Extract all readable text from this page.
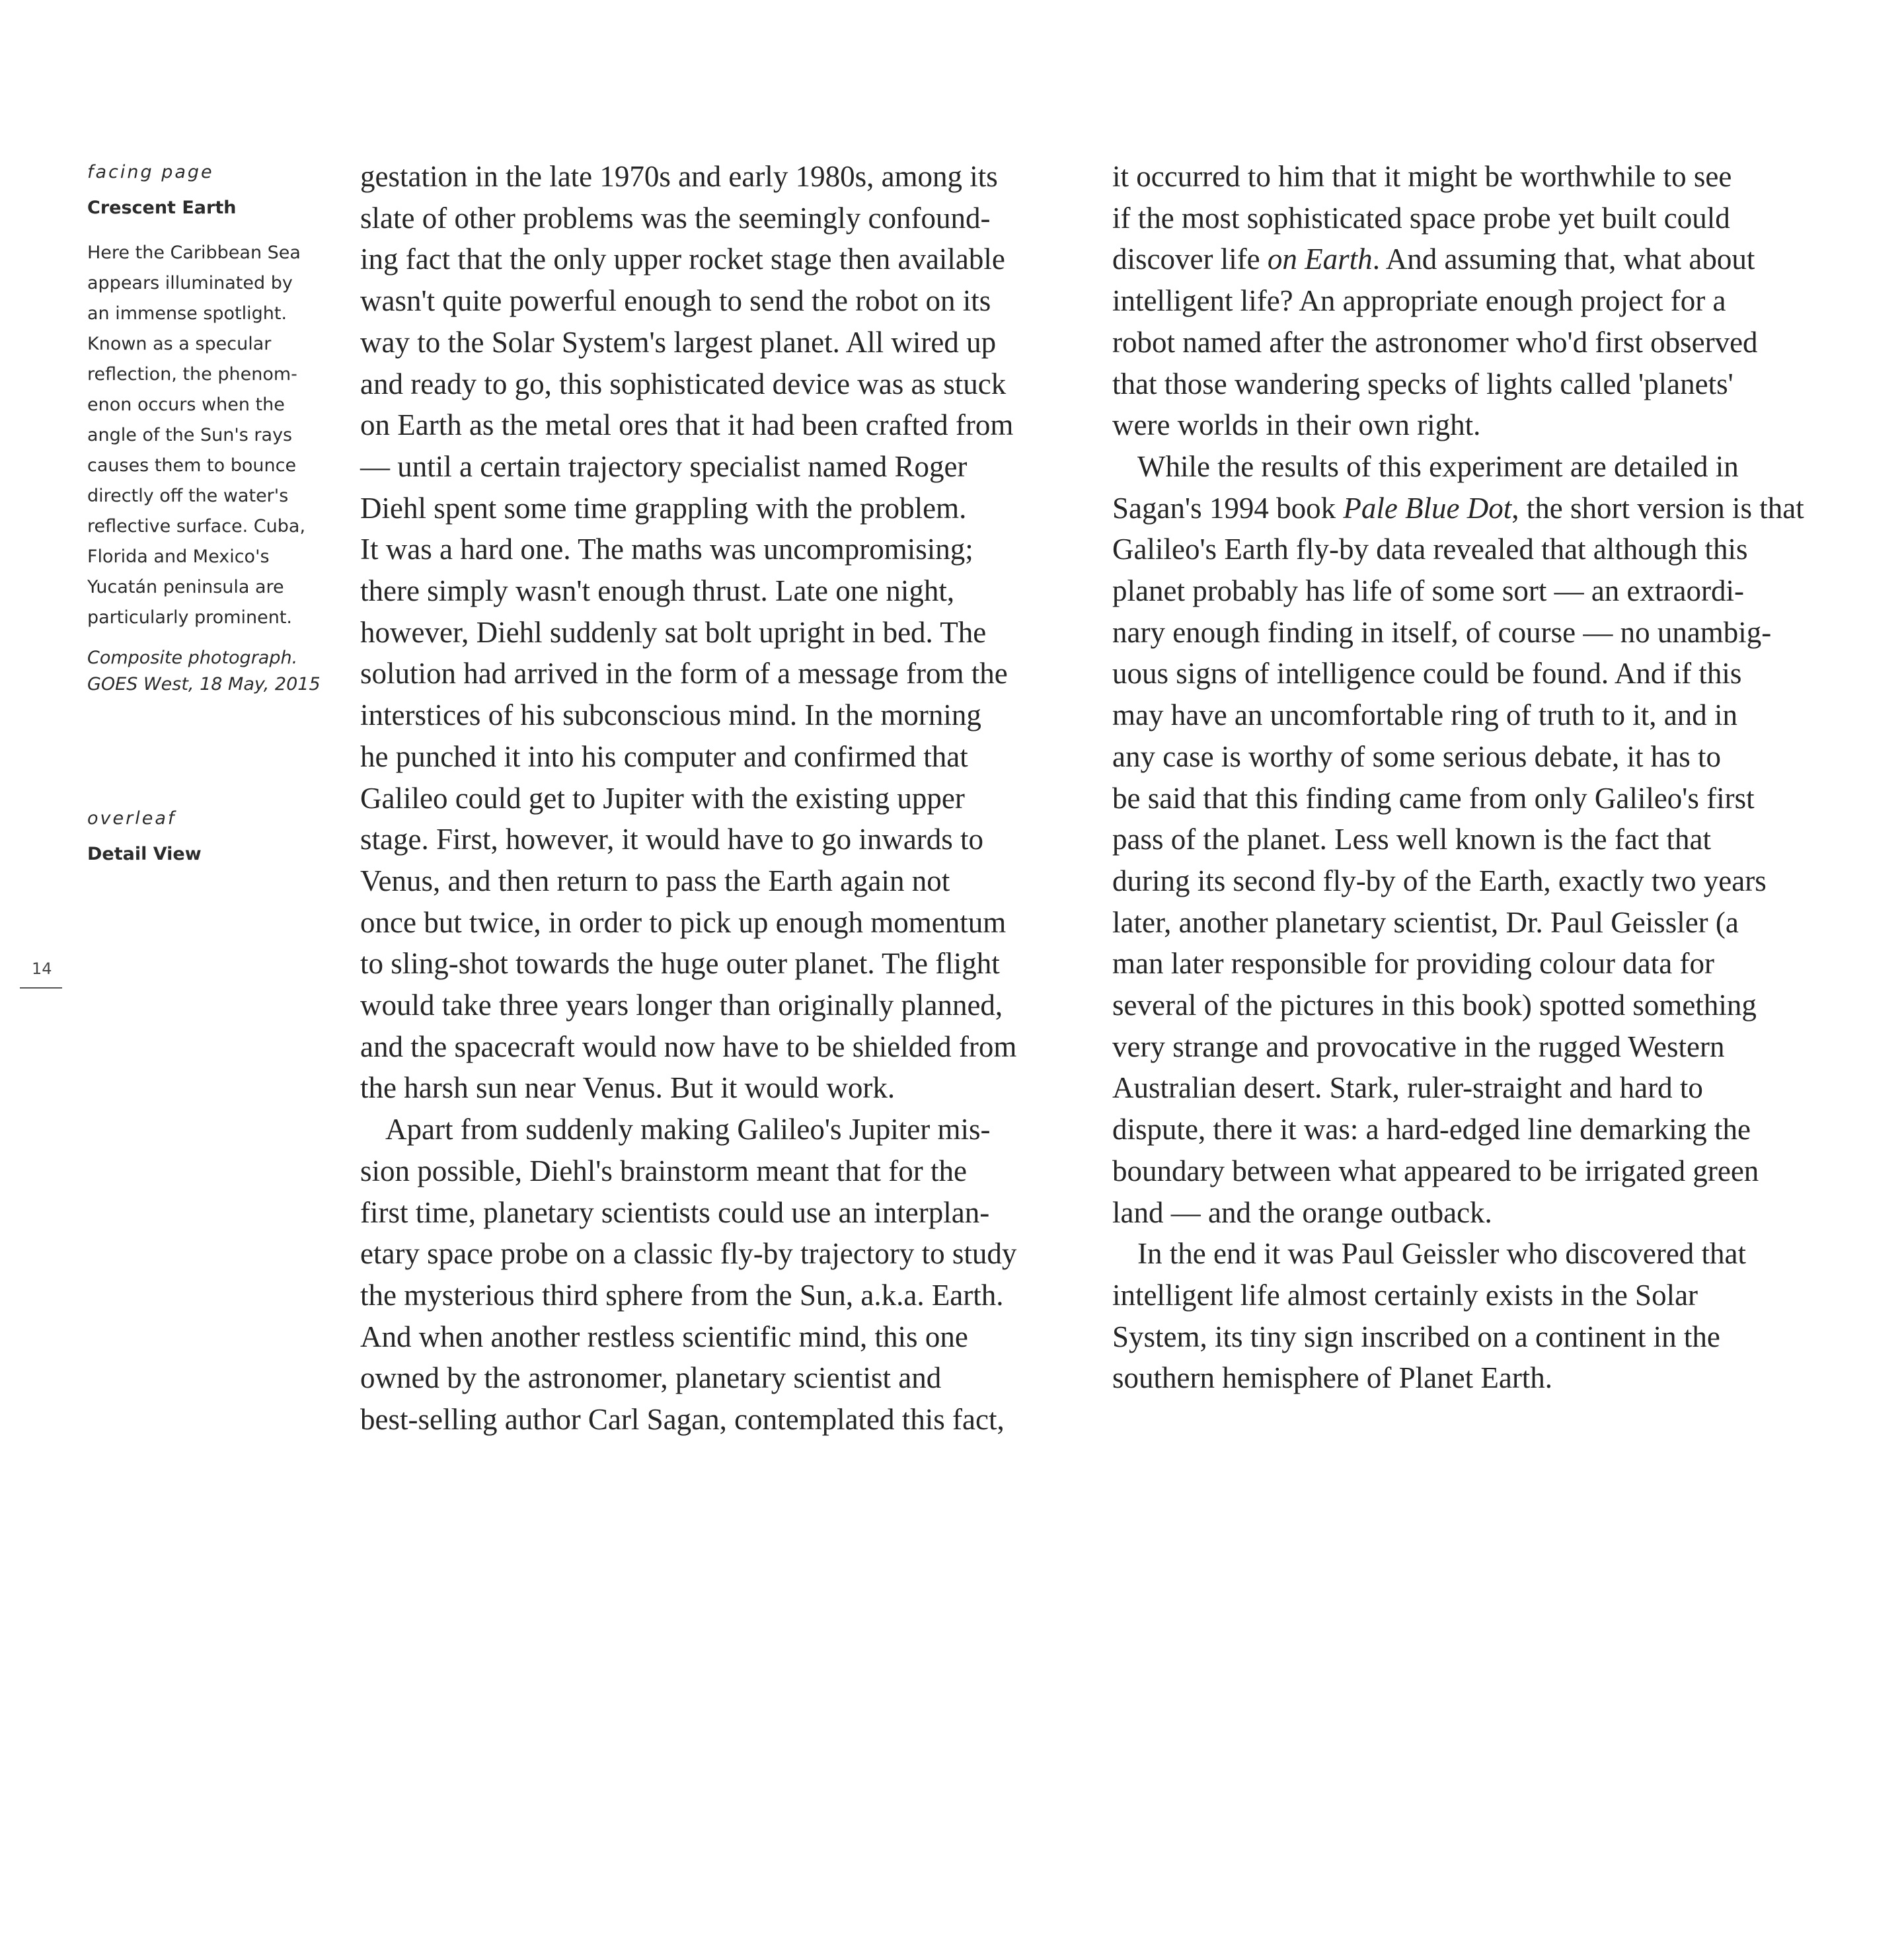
facing page

Crescent Earth

Here the Caribbean Sea
appears illuminated by
an immense spotlight.
Known as a specular
reflection, the phenom-
enon occurs when the
angle of the Sun's rays
causes them to bounce
directly off the water's
reflective surface. Cuba,
Florida and Mexico's
Yucatán peninsula are
particularly prominent.
Composite photograph.
GOES West, 18 May, 2015

overleaf

Detail View

14
gestation in the late 1970s and early 1980s, among its
slate of other problems was the seemingly confound-
ing fact that the only upper rocket stage then available
wasn't quite powerful enough to send the robot on its
way to the Solar System's largest planet. All wired up
and ready to go, this sophisticated device was as stuck
on Earth as the metal ores that it had been crafted from
— until a certain trajectory specialist named Roger
Diehl spent some time grappling with the problem.
It was a hard one. The maths was uncompromising;
there simply wasn't enough thrust. Late one night,
however, Diehl suddenly sat bolt upright in bed. The
solution had arrived in the form of a message from the
interstices of his subconscious mind. In the morning
he punched it into his computer and confirmed that
Galileo could get to Jupiter with the existing upper
stage. First, however, it would have to go inwards to
Venus, and then return to pass the Earth again not
once but twice, in order to pick up enough momentum
to sling-shot towards the huge outer planet. The flight
would take three years longer than originally planned,
and the spacecraft would now have to be shielded from
the harsh sun near Venus. But it would work.
Apart from suddenly making Galileo's Jupiter mis-
sion possible, Diehl's brainstorm meant that for the
first time, planetary scientists could use an interplan-
etary space probe on a classic fly-by trajectory to study
the mysterious third sphere from the Sun, a.k.a. Earth.
And when another restless scientific mind, this one
owned by the astronomer, planetary scientist and
best-selling author Carl Sagan, contemplated this fact,
it occurred to him that it might be worthwhile to see
if the most sophisticated space probe yet built could
discover life on Earth. And assuming that, what about
intelligent life? An appropriate enough project for a
robot named after the astronomer who'd first observed
that those wandering specks of lights called 'planets'
were worlds in their own right.
While the results of this experiment are detailed in
Sagan's 1994 book Pale Blue Dot, the short version is that
Galileo's Earth fly-by data revealed that although this
planet probably has life of some sort — an extraordi-
nary enough finding in itself, of course — no unambig-
uous signs of intelligence could be found. And if this
may have an uncomfortable ring of truth to it, and in
any case is worthy of some serious debate, it has to
be said that this finding came from only Galileo's first
pass of the planet. Less well known is the fact that
during its second fly-by of the Earth, exactly two years
later, another planetary scientist, Dr. Paul Geissler (a
man later responsible for providing colour data for
several of the pictures in this book) spotted something
very strange and provocative in the rugged Western
Australian desert. Stark, ruler-straight and hard to
dispute, there it was: a hard-edged line demarking the
boundary between what appeared to be irrigated green
land — and the orange outback.
In the end it was Paul Geissler who discovered that
intelligent life almost certainly exists in the Solar
System, its tiny sign inscribed on a continent in the
southern hemisphere of Planet Earth.
